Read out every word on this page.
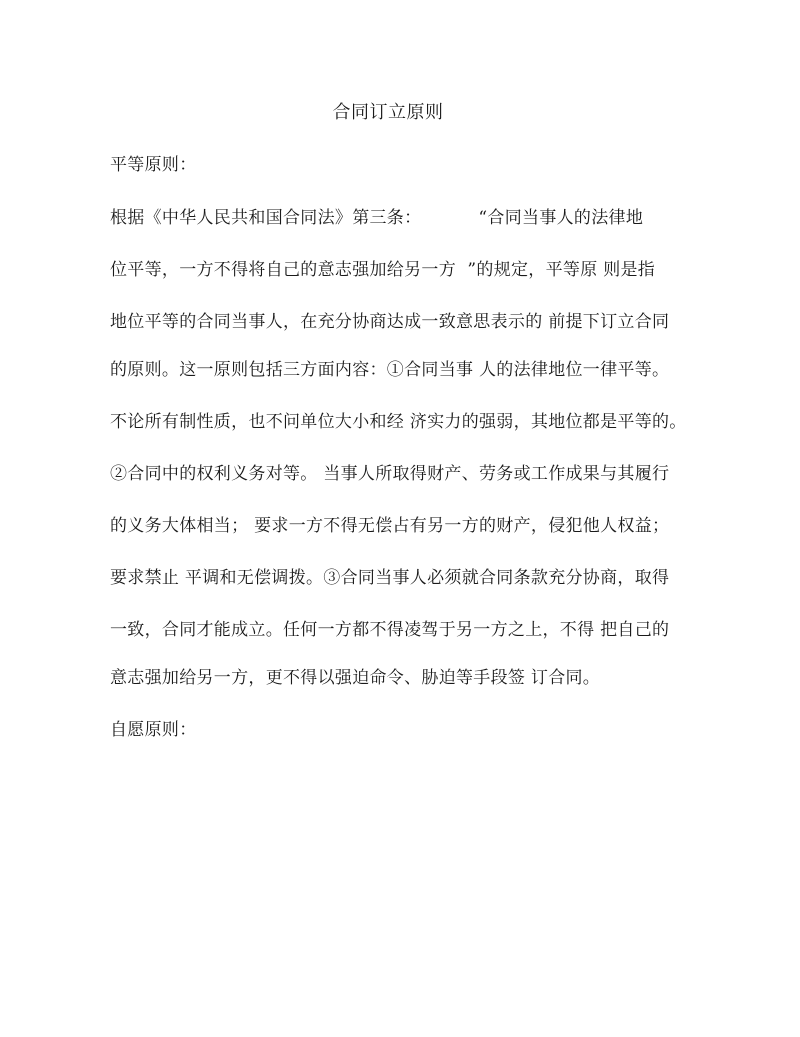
合同订立原则
平等原则：
根据《中华人民共和国合同法》第三条：          “合同当事人的法律地
位平等，一方不得将自己的意志强加给另一方  ”的规定，平等原 则是指
地位平等的合同当事人，在充分协商达成一致意思表示的 前提下订立合同
的原则。这一原则包括三方面内容：①合同当事 人的法律地位一律平等。
不论所有制性质，也不问单位大小和经 济实力的强弱，其地位都是平等的。
②合同中的权利义务对等。 当事人所取得财产、劳务或工作成果与其履行
的义务大体相当； 要求一方不得无偿占有另一方的财产，侵犯他人权益；
要求禁止 平调和无偿调拨。③合同当事人必须就合同条款充分协商，取得
一致，合同才能成立。任何一方都不得凌驾于另一方之上，不得 把自己的
意志强加给另一方，更不得以强迫命令、胁迫等手段签 订合同。
自愿原则：
